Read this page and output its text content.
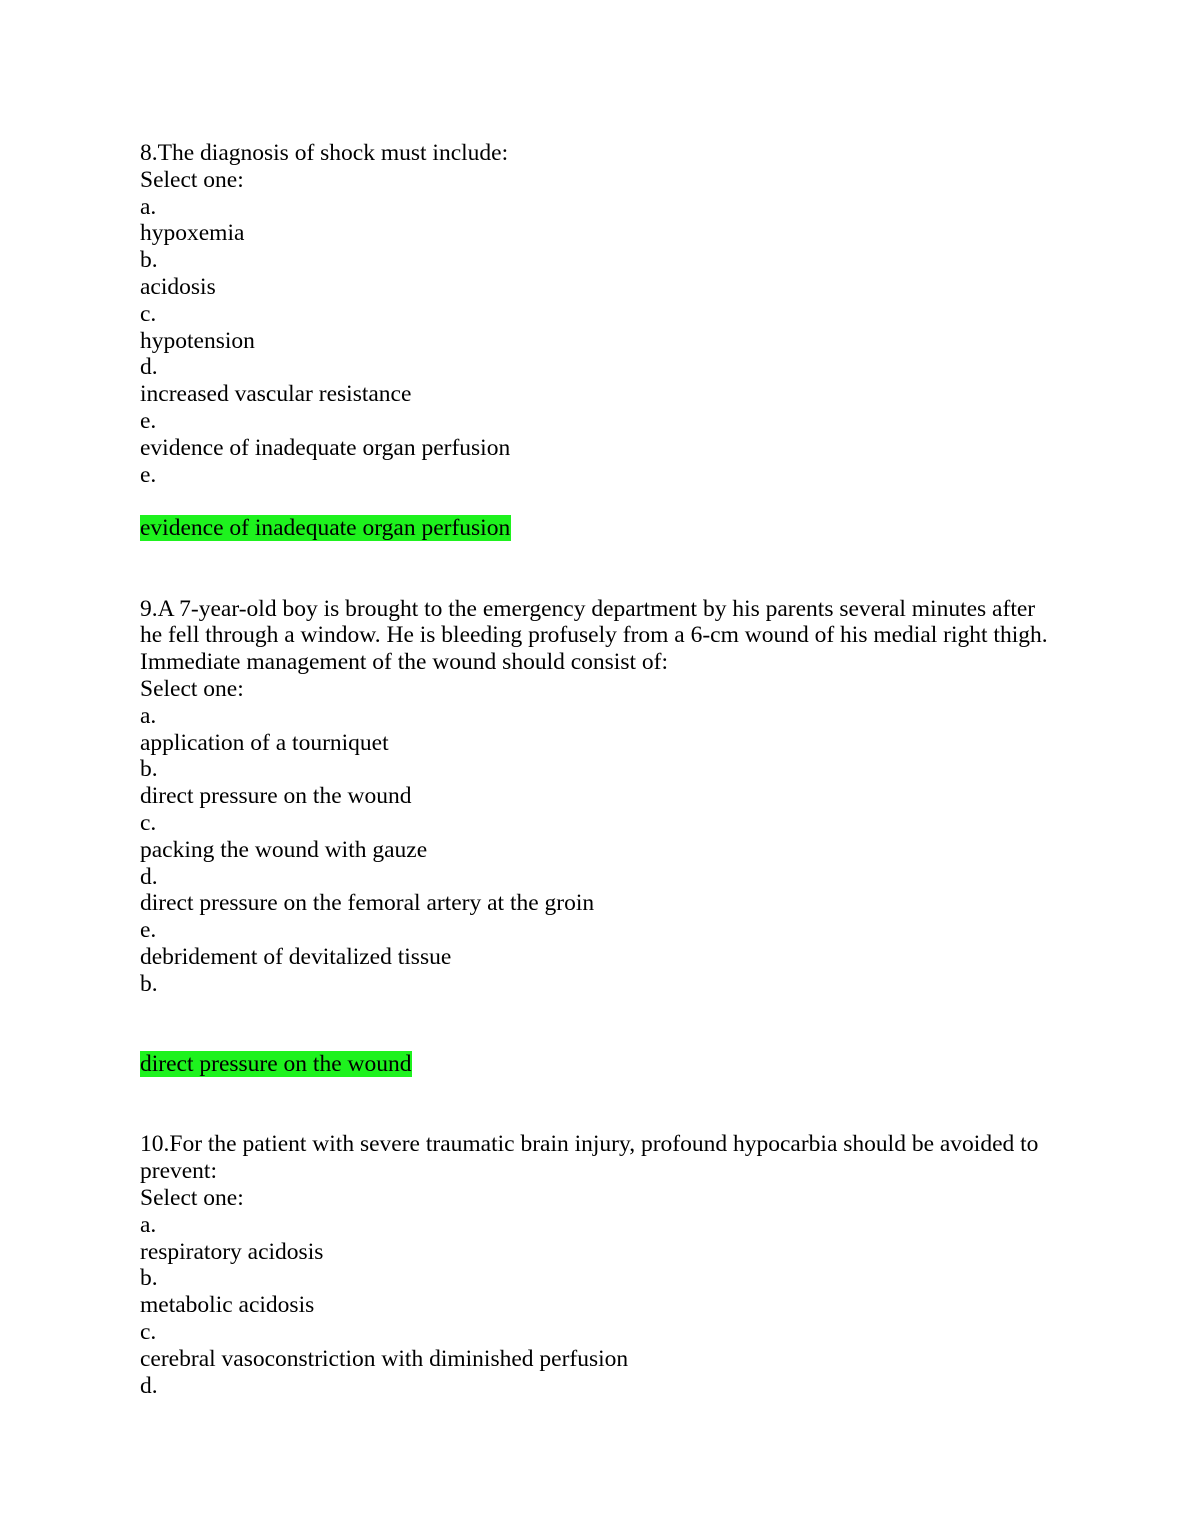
8.The diagnosis of shock must include:
Select one:
a.
hypoxemia
b.
acidosis
c.
hypotension
d.
increased vascular resistance
e.
evidence of inadequate organ perfusion
e.
evidence of inadequate organ perfusion
9.A 7-year-old boy is brought to the emergency department by his parents several minutes after
he fell through a window. He is bleeding profusely from a 6-cm wound of his medial right thigh.
Immediate management of the wound should consist of:
Select one:
a.
application of a tourniquet
b.
direct pressure on the wound
c.
packing the wound with gauze
d.
direct pressure on the femoral artery at the groin
e.
debridement of devitalized tissue
b.
direct pressure on the wound
10.For the patient with severe traumatic brain injury, profound hypocarbia should be avoided to
prevent:
Select one:
a.
respiratory acidosis
b.
metabolic acidosis
c.
cerebral vasoconstriction with diminished perfusion
d.
